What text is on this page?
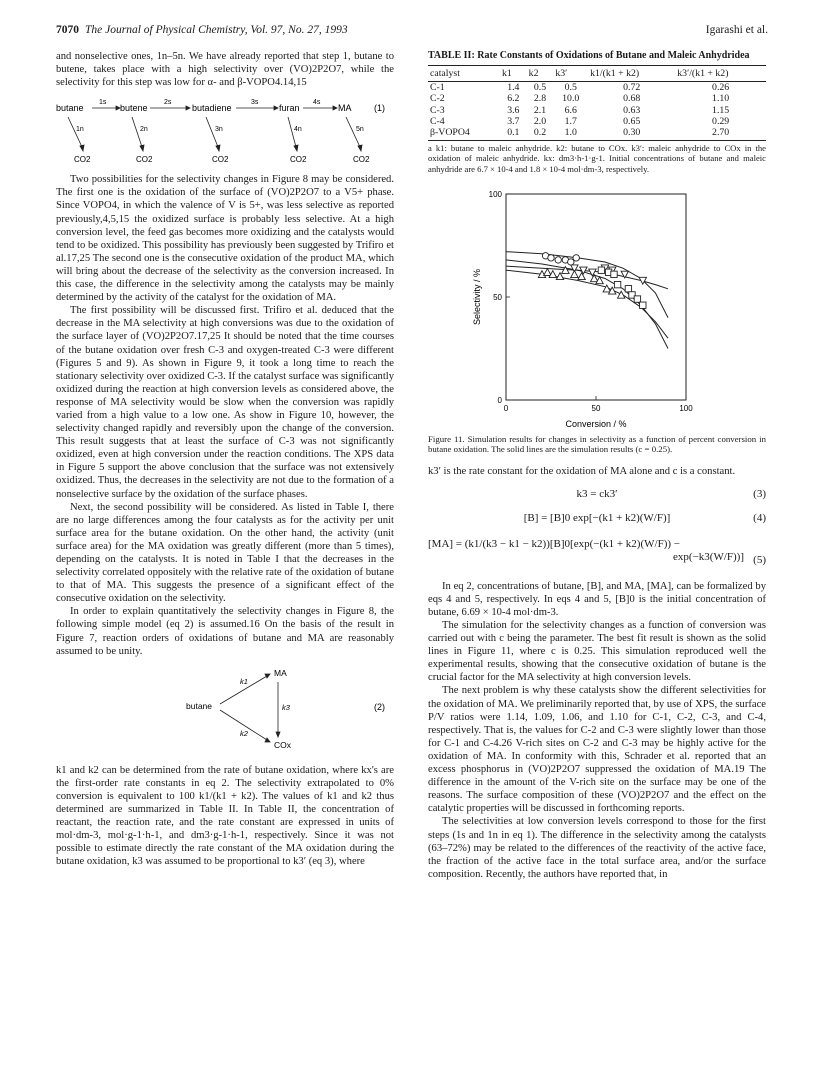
7070 The Journal of Physical Chemistry, Vol. 97, No. 27, 1993	Igarashi et al.

and nonselective ones, 1n–5n. We have already reported that step 1, butane to butene, takes place with a high selectivity over (VO)2P2O7, while the selectivity for this step was low for α- and β-VOPO4.14,15

butane	butene	butadiene	furan	MA
1s	2s	3s	4s
1n	2n	3n	4n	5n
CO2	CO2	CO2	CO2	CO2
(1)

Two possibilities for the selectivity changes in Figure 8 may be considered. The first one is the oxidation of the surface of (VO)2P2O7 to a V5+ phase. Since VOPO4, in which the valence of V is 5+, was less selective as reported previously,4,5,15 the oxidized surface is probably less selective. At a high conversion level, the feed gas becomes more oxidizing and the catalysts would tend to be oxidized. This possibility has previously been suggested by Trifiro et al.17,25 The second one is the consecutive oxidation of the product MA, which will bring about the decrease of the selectivity as the conversion increased. In this case, the difference in the selectivity among the catalysts may be mainly determined by the activity of the catalyst for the oxidation of MA.

The first possibility will be discussed first. Trifiro et al. deduced that the decrease in the MA selectivity at high conversions was due to the oxidation of the surface layer of (VO)2P2O7.17,25 It should be noted that the time courses of the butane oxidation over fresh C-3 and oxygen-treated C-3 were different (Figures 5 and 9). As shown in Figure 9, it took a long time to reach the stationary selectivity over oxidized C-3. If the catalyst surface was significantly oxidized during the reaction at high conversion levels as considered above, the response of MA selectivity would be slow when the conversion was rapidly varied from a high value to a low one. As show in Figure 10, however, the selectivity changed rapidly and reversibly upon the change of the conversion. This result suggests that at least the surface of C-3 was not significantly oxidized, even at high conversion under the reaction conditions. The XPS data in Figure 5 support the above conclusion that the surface was not extensively oxidized. Thus, the decreases in the selectivity are not due to the formation of a nonselective surface by the oxidation of the surface phases.

Next, the second possibility will be considered. As listed in Table I, there are no large differences among the four catalysts as for the activity per unit surface area for the butane oxidation. On the other hand, the activity (unit surface area) for the MA oxidation was greatly different (more than 5 times), depending on the catalysts. It is noted in Table I that the decreases in the selectivity correlated oppositely with the relative rate of the oxidation of butane to that of MA. This suggests the presence of a significant effect of the consecutive oxidation on the selectivity.

In order to explain quantitatively the selectivity changes in Figure 8, the following simple model (eq 2) is assumed.16 On the basis of the result in Figure 7, reaction orders of oxidations of butane and MA are reasonably assumed to be unity.

butane
MA
COx
k1
k2
k3	(2)

k1 and k2 can be determined from the rate of butane oxidation, where kx's are the first-order rate constants in eq 2. The selectivity extrapolated to 0% conversion is equivalent to 100 k1/(k1 + k2). The values of k1 and k2 thus determined are summarized in Table II. In Table II, the concentration of reactant, the reaction rate, and the rate constant are expressed in units of mol·dm-3, mol·g-1·h-1, and dm3·g-1·h-1, respectively. Since it was not possible to estimate directly the rate constant of the MA oxidation during the butane oxidation, k3 was assumed to be proportional to k3′ (eq 3), where

TABLE II: Rate Constants of Oxidations of Butane and Maleic Anhydridea
catalyst	k1	k2	k3′	k1/(k1 + k2)	k3′/(k1 + k2)
C-1	1.4	0.5	0.5	0.72	0.26
C-2	6.2	2.8	10.0	0.68	1.10
C-3	3.6	2.1	6.6	0.63	1.15
C-4	3.7	2.0	1.7	0.65	0.29
β-VOPO4	0.1	0.2	1.0	0.30	2.70
a k1: butane to maleic anhydride. k2: butane to COx. k3′: maleic anhydride to COx in the oxidation of maleic anhydride. kx: dm3·h-1·g-1. Initial concentrations of butane and maleic anhydride are 6.7 × 10-4 and 1.8 × 10-4 mol·dm-3, respectively.
0	50	100
0
50
100
Conversion / %
Selectivity / %
Figure 11. Simulation results for changes in selectivity as a function of percent conversion in butane oxidation. The solid lines are the simulation results (c = 0.25).

k3′ is the rate constant for the oxidation of MA alone and c is a constant.

k3 = ck3′	(3)
[B] = [B]0 exp[−(k1 + k2)(W/F)]	(4)
[MA] = (k1/(k3 − k1 − k2))[B]0[exp(−(k1 + k2)(W/F)) −
exp(−k3(W/F))] (5)

In eq 2, concentrations of butane, [B], and MA, [MA], can be formalized by eqs 4 and 5, respectively. In eqs 4 and 5, [B]0 is the initial concentration of butane, 6.69 × 10-4 mol·dm-3.

The simulation for the selectivity changes as a function of conversion was carried out with c being the parameter. The best fit result is shown as the solid lines in Figure 11, where c is 0.25. This simulation reproduced well the experimental results, showing that the consecutive oxidation of butane is the crucial factor for the MA selectivity at high conversion levels.

The next problem is why these catalysts show the different selectivities for the oxidation of MA. We preliminarily reported that, by use of XPS, the surface P/V ratios were 1.14, 1.09, 1.06, and 1.10 for C-1, C-2, C-3, and C-4, respectively. That is, the values for C-2 and C-3 were slightly lower than those for C-1 and C-4.26 V-rich sites on C-2 and C-3 may be highly active for the oxidation of MA. In conformity with this, Schrader et al. reported that an excess phosphorus in (VO)2P2O7 suppressed the oxidation of MA.19 The difference in the amount of the V-rich site on the surface may be one of the reasons. The surface composition of these (VO)2P2O7 and the effect on the catalytic properties will be discussed in forthcoming reports.

The selectivities at low conversion levels correspond to those for the first steps (1s and 1n in eq 1). The difference in the selectivity among the catalysts (63–72%) may be related to the differences of the reactivity of the active face, the fraction of the active face in the total surface area, and/or the surface composition. Recently, the authors have reported that, in
